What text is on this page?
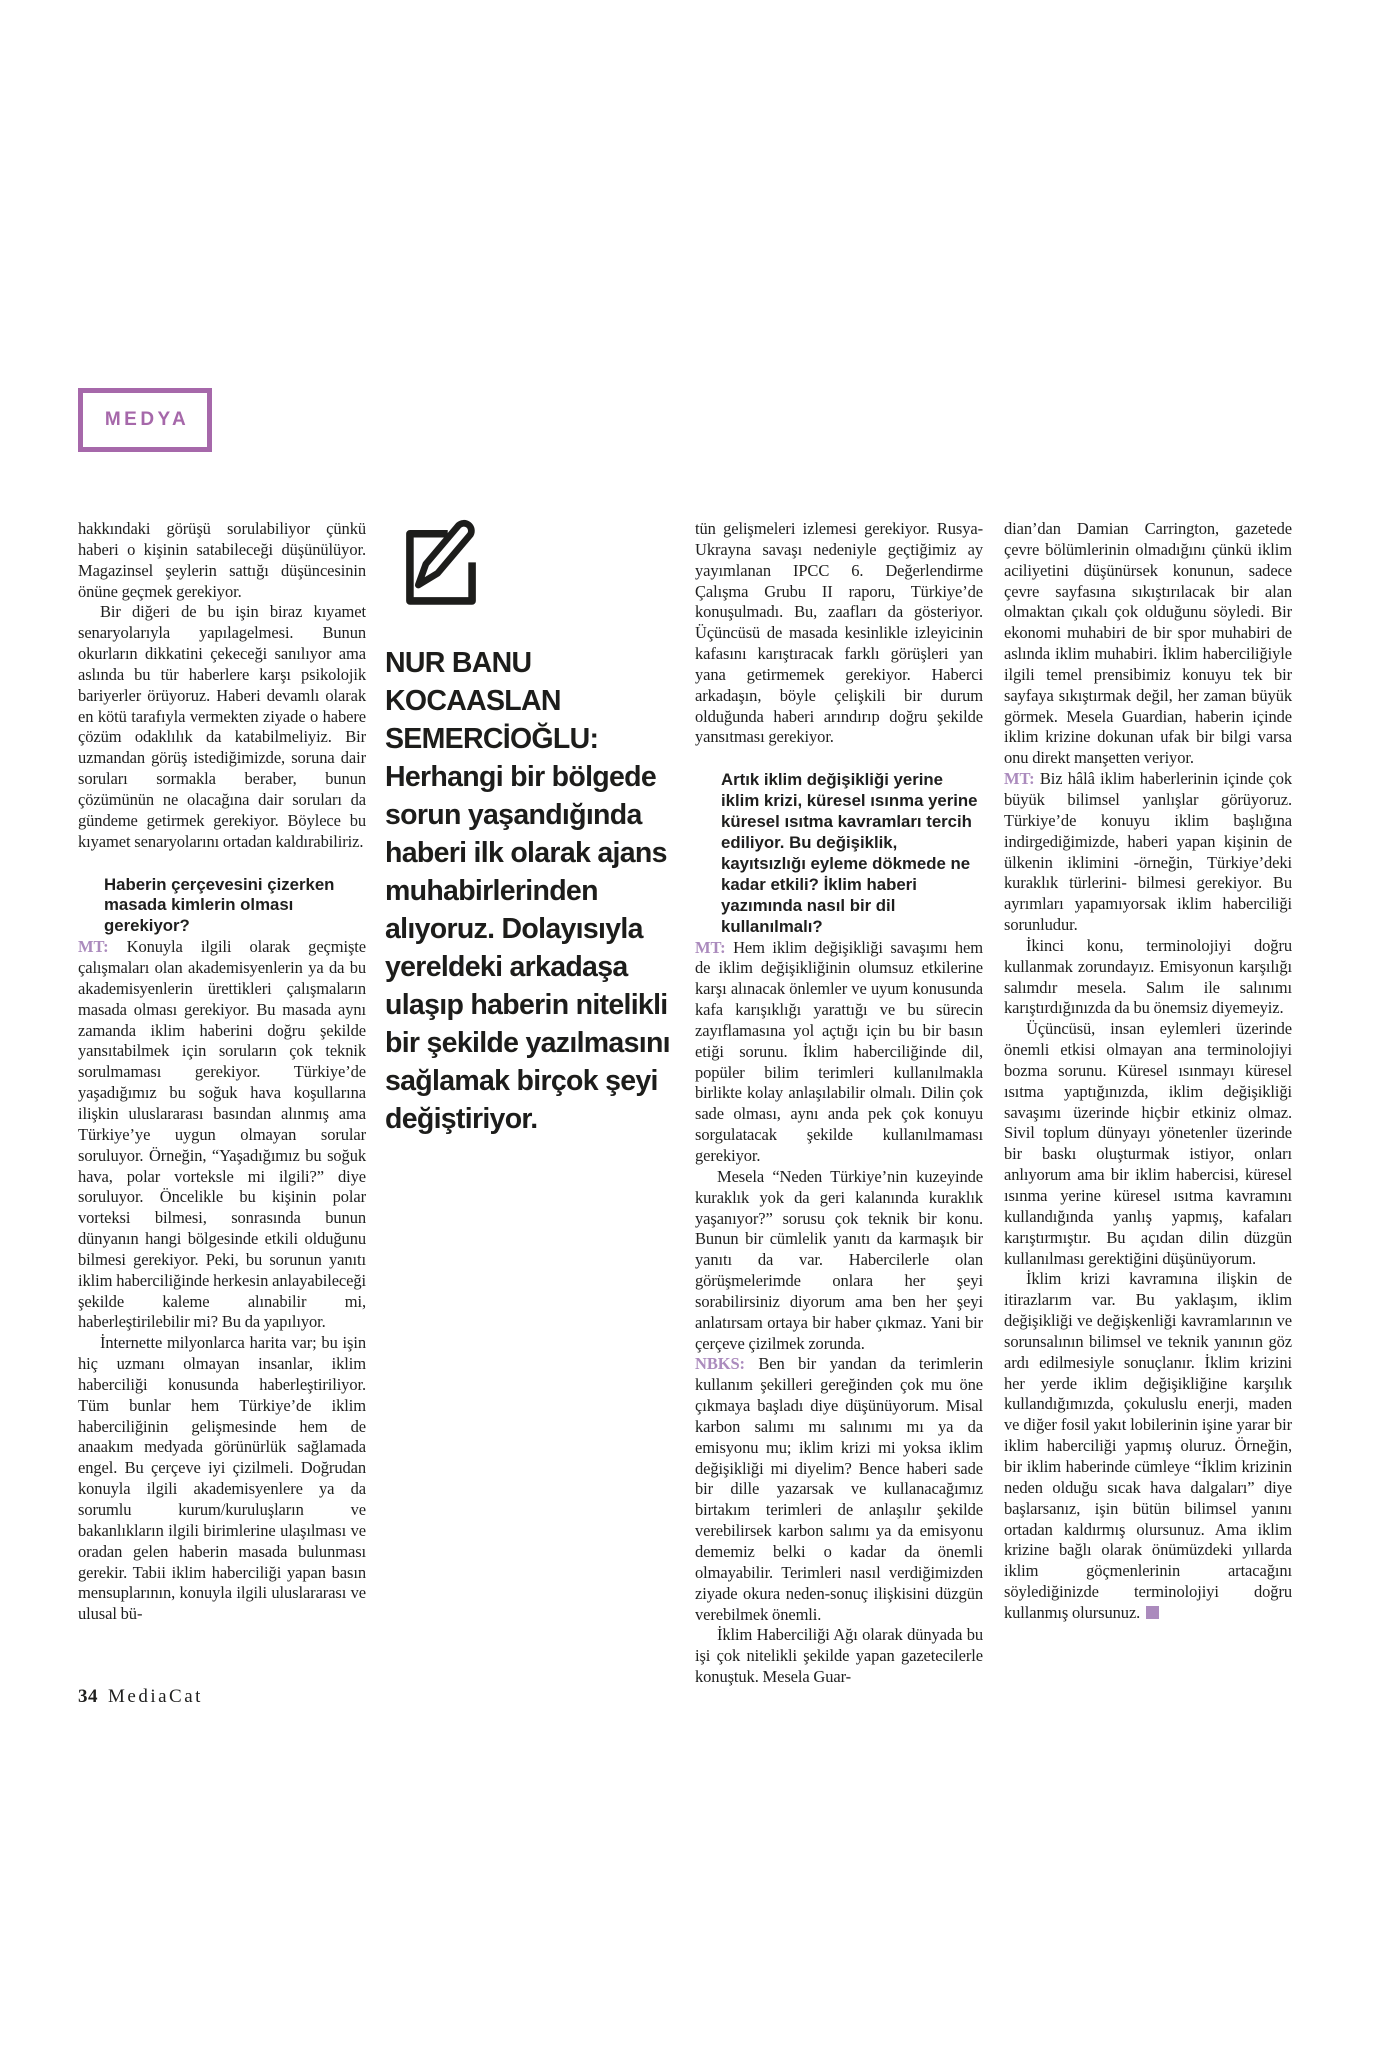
MEDYA

hakkındaki görüşü sorulabiliyor çünkü haberi o kişinin satabileceği düşünülüyor. Magazinsel şeylerin sattığı düşüncesinin önüne geçmek gerekiyor.

Bir diğeri de bu işin biraz kıyamet senaryolarıyla yapılagelmesi. Bunun okurların dikkatini çekeceği sanılıyor ama aslında bu tür haberlere karşı psikolojik bariyerler örüyoruz. Haberi devamlı olarak en kötü tarafıyla vermekten ziyade o habere çözüm odaklılık da katabilmeliyiz. Bir uzmandan görüş istediğimizde, soruna dair soruları sormakla beraber, bunun çözümünün ne olacağına dair soruları da gündeme getirmek gerekiyor. Böylece bu kıyamet senaryolarını ortadan kaldırabiliriz.

Haberin çerçevesini çizerken masada kimlerin olması gerekiyor?

MT: Konuyla ilgili olarak geçmişte çalışmaları olan akademisyenlerin ya da bu akademisyenlerin ürettikleri çalışmaların masada olması gerekiyor. Bu masada aynı zamanda iklim haberini doğru şekilde yansıtabilmek için soruların çok teknik sorulmaması gerekiyor. Türkiye’de yaşadığımız bu soğuk hava koşullarına ilişkin uluslararası basından alınmış ama Türkiye’ye uygun olmayan sorular soruluyor. Örneğin, “Yaşadığımız bu soğuk hava, polar vorteksle mi ilgili?” diye soruluyor. Öncelikle bu kişinin polar vorteksi bilmesi, sonrasında bunun dünyanın hangi bölgesinde etkili olduğunu bilmesi gerekiyor. Peki, bu sorunun yanıtı iklim haberciliğinde herkesin anlayabileceği şekilde kaleme alınabilir mi, haberleştirilebilir mi? Bu da yapılıyor.

İnternette milyonlarca harita var; bu işin hiç uzmanı olmayan insanlar, iklim haberciliği konusunda haberleştiriliyor. Tüm bunlar hem Türkiye’de iklim haberciliğinin gelişmesinde hem de anaakım medyada görünürlük sağlamada engel. Bu çerçeve iyi çizilmeli. Doğrudan konuyla ilgili akademisyenlere ya da sorumlu kurum/kuruluşların ve bakanlıkların ilgili birimlerine ulaşılması ve oradan gelen haberin masada bulunması gerekir. Tabii iklim haberciliği yapan basın mensuplarının, konuyla ilgili uluslararası ve ulusal bü-

NUR BANU KOCAASLAN SEMERCİOĞLU:

Herhangi bir bölgede sorun yaşandığında haberi ilk olarak ajans muhabirlerinden alıyoruz. Dolayısıyla yereldeki arkadaşa ulaşıp haberin nitelikli bir şekilde yazılmasını sağlamak birçok şeyi değiştiriyor.

tün gelişmeleri izlemesi gerekiyor. Rusya-Ukrayna savaşı nedeniyle geçtiğimiz ay yayımlanan IPCC 6. Değerlendirme Çalışma Grubu II raporu, Türkiye’de konuşulmadı. Bu, zaafları da gösteriyor. Üçüncüsü de masada kesinlikle izleyicinin kafasını karıştıracak farklı görüşleri yan yana getirmemek gerekiyor. Haberci arkadaşın, böyle çelişkili bir durum olduğunda haberi arındırıp doğru şekilde yansıtması gerekiyor.

Artık iklim değişikliği yerine iklim krizi, küresel ısınma yerine küresel ısıtma kavramları tercih ediliyor. Bu değişiklik, kayıtsızlığı eyleme dökmede ne kadar etkili? İklim haberi yazımında nasıl bir dil kullanılmalı?

MT: Hem iklim değişikliği savaşımı hem de iklim değişikliğinin olumsuz etkilerine karşı alınacak önlemler ve uyum konusunda kafa karışıklığı yarattığı ve bu sürecin zayıflamasına yol açtığı için bu bir basın etiği sorunu. İklim haberciliğinde dil, popüler bilim terimleri kullanılmakla birlikte kolay anlaşılabilir olmalı. Dilin çok sade olması, aynı anda pek çok konuyu sorgulatacak şekilde kullanılmaması gerekiyor.

Mesela “Neden Türkiye’nin kuzeyinde kuraklık yok da geri kalanında kuraklık yaşanıyor?” sorusu çok teknik bir konu. Bunun bir cümlelik yanıtı da karmaşık bir yanıtı da var. Habercilerle olan görüşmelerimde onlara her şeyi sorabilirsiniz diyorum ama ben her şeyi anlatırsam ortaya bir haber çıkmaz. Yani bir çerçeve çizilmek zorunda.

NBKS: Ben bir yandan da terimlerin kullanım şekilleri gereğinden çok mu öne çıkmaya başladı diye düşünüyorum. Misal karbon salımı mı salınımı mı ya da emisyonu mu; iklim krizi mi yoksa iklim değişikliği mi diyelim? Bence haberi sade bir dille yazarsak ve kullanacağımız birtakım terimleri de anlaşılır şekilde verebilirsek karbon salımı ya da emisyonu dememiz belki o kadar da önemli olmayabilir. Terimleri nasıl verdiğimizden ziyade okura neden-sonuç ilişkisini düzgün verebilmek önemli.

İklim Haberciliği Ağı olarak dünyada bu işi çok nitelikli şekilde yapan gazetecilerle konuştuk. Mesela Guar-

dian’dan Damian Carrington, gazetede çevre bölümlerinin olmadığını çünkü iklim aciliyetini düşünürsek konunun, sadece çevre sayfasına sıkıştırılacak bir alan olmaktan çıkalı çok olduğunu söyledi. Bir ekonomi muhabiri de bir spor muhabiri de aslında iklim muhabiri. İklim haberciliğiyle ilgili temel prensibimiz konuyu tek bir sayfaya sıkıştırmak değil, her zaman büyük görmek. Mesela Guardian, haberin içinde iklim krizine dokunan ufak bir bilgi varsa onu direkt manşetten veriyor.

MT: Biz hâlâ iklim haberlerinin içinde çok büyük bilimsel yanlışlar görüyoruz. Türkiye’de konuyu iklim başlığına indirgediğimizde, haberi yapan kişinin de ülkenin iklimini -örneğin, Türkiye’deki kuraklık türlerini- bilmesi gerekiyor. Bu ayrımları yapamıyorsak iklim haberciliği sorunludur.

İkinci konu, terminolojiyi doğru kullanmak zorundayız. Emisyonun karşılığı salımdır mesela. Salım ile salınımı karıştırdığınızda da bu önemsiz diyemeyiz.

Üçüncüsü, insan eylemleri üzerinde önemli etkisi olmayan ana terminolojiyi bozma sorunu. Küresel ısınmayı küresel ısıtma yaptığınızda, iklim değişikliği savaşımı üzerinde hiçbir etkiniz olmaz. Sivil toplum dünyayı yönetenler üzerinde bir baskı oluşturmak istiyor, onları anlıyorum ama bir iklim habercisi, küresel ısınma yerine küresel ısıtma kavramını kullandığında yanlış yapmış, kafaları karıştırmıştır. Bu açıdan dilin düzgün kullanılması gerektiğini düşünüyorum.

İklim krizi kavramına ilişkin de itirazlarım var. Bu yaklaşım, iklim değişikliği ve değişkenliği kavramlarının ve sorunsalının bilimsel ve teknik yanının göz ardı edilmesiyle sonuçlanır. İklim krizini her yerde iklim değişikliğine karşılık kullandığımızda, çokuluslu enerji, maden ve diğer fosil yakıt lobilerinin işine yarar bir iklim haberciliği yapmış oluruz. Örneğin, bir iklim haberinde cümleye “İklim krizinin neden olduğu sıcak hava dalgaları” diye başlarsanız, işin bütün bilimsel yanını ortadan kaldırmış olursunuz. Ama iklim krizine bağlı olarak önümüzdeki yıllarda iklim göçmenlerinin artacağını söylediğinizde terminolojiyi doğru kullanmış olursunuz.

34 MediaCat
